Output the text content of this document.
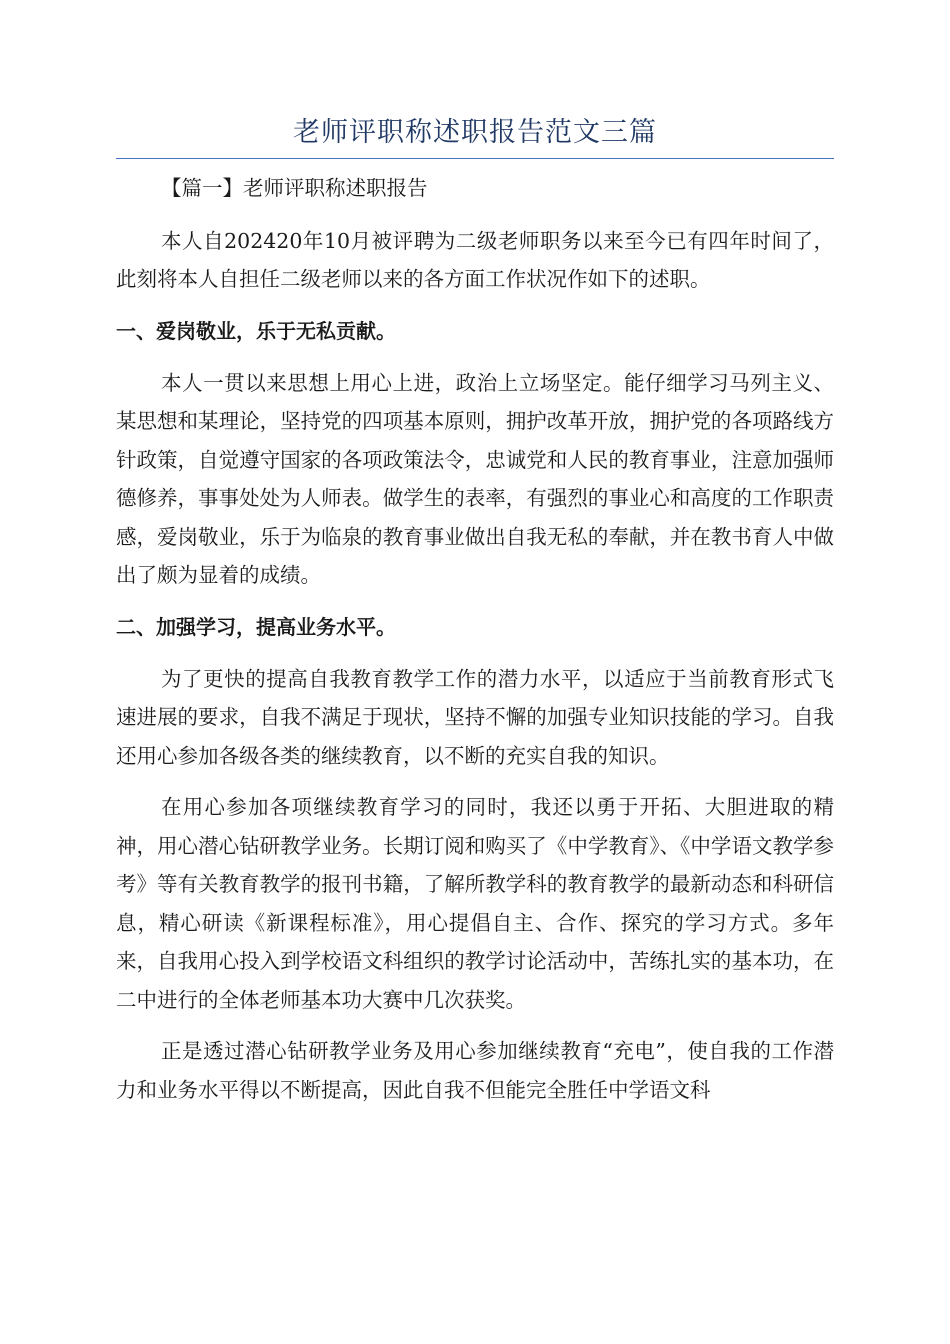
老师评职称述职报告范文三篇

【篇一】老师评职称述职报告

本人自202420年10月被评聘为二级老师职务以来至今已有四年时间了，此刻将本人自担任二级老师以来的各方面工作状况作如下的述职。

一、爱岗敬业，乐于无私贡献。

本人一贯以来思想上用心上进，政治上立场坚定。能仔细学习马列主义、某思想和某理论，坚持党的四项基本原则，拥护改革开放，拥护党的各项路线方针政策，自觉遵守国家的各项政策法令，忠诚党和人民的教育事业，注意加强师德修养，事事处处为人师表。做学生的表率，有强烈的事业心和高度的工作职责感，爱岗敬业，乐于为临泉的教育事业做出自我无私的奉献，并在教书育人中做出了颇为显着的成绩。

二、加强学习，提高业务水平。

为了更快的提高自我教育教学工作的潜力水平，以适应于当前教育形式飞速进展的要求，自我不满足于现状，坚持不懈的加强专业知识技能的学习。自我还用心参加各级各类的继续教育，以不断的充实自我的知识。

在用心参加各项继续教育学习的同时，我还以勇于开拓、大胆进取的精神，用心潜心钻研教学业务。长期订阅和购买了《中学教育》、《中学语文教学参考》等有关教育教学的报刊书籍，了解所教学科的教育教学的最新动态和科研信息，精心研读《新课程标准》，用心提倡自主、合作、探究的学习方式。多年来，自我用心投入到学校语文科组织的教学讨论活动中，苦练扎实的基本功，在二中进行的全体老师基本功大赛中几次获奖。

正是透过潜心钻研教学业务及用心参加继续教育“充电”，使自我的工作潜力和业务水平得以不断提高，因此自我不但能完全胜任中学语文科
